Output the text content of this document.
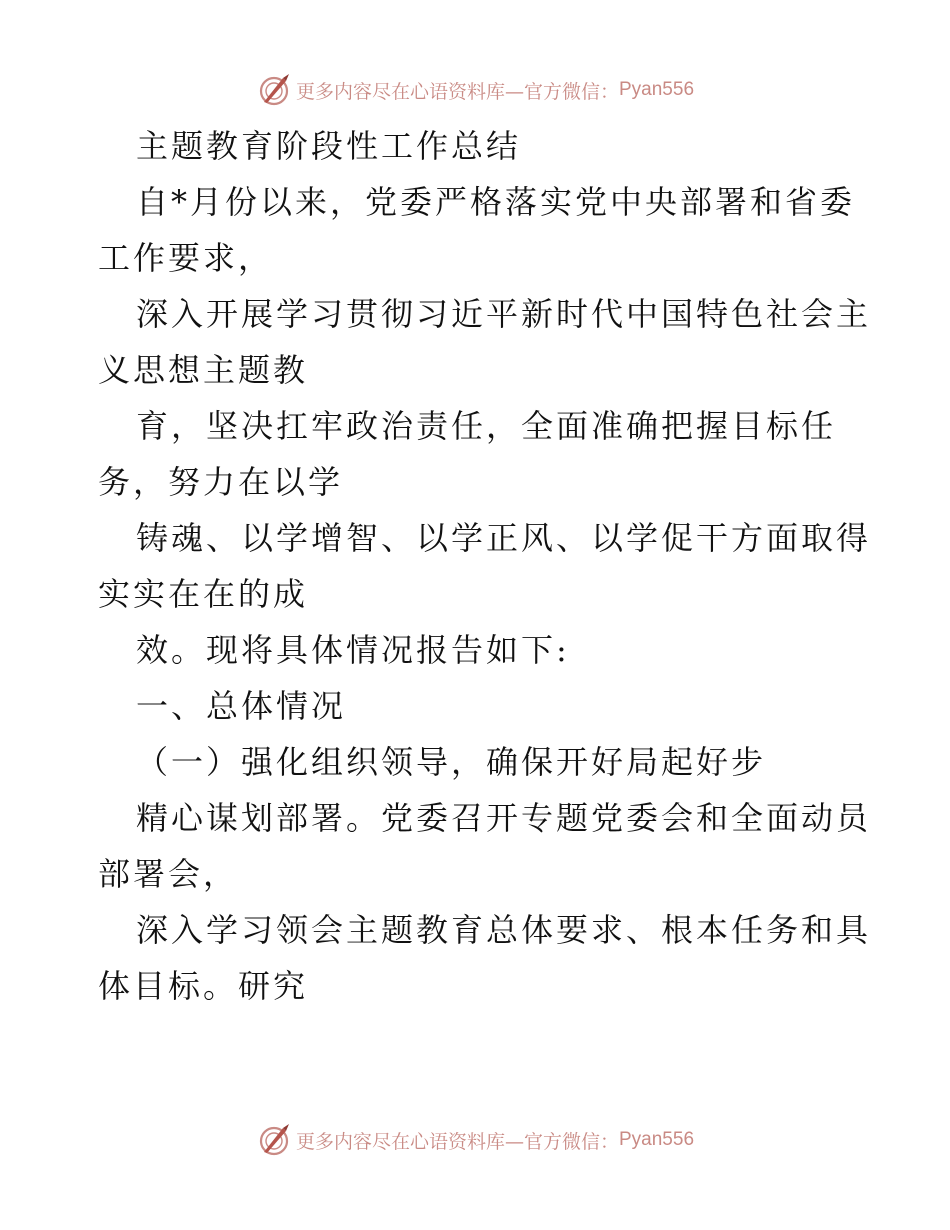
更多内容尽在心语资料库—官方微信： Pyan556
主题教育阶段性工作总结
自*月份以来，党委严格落实党中央部署和省委
工作要求，
深入开展学习贯彻习近平新时代中国特色社会主
义思想主题教
育，坚决扛牢政治责任，全面准确把握目标任
务，努力在以学
铸魂、以学增智、以学正风、以学促干方面取得
实实在在的成
效。现将具体情况报告如下:
一、总体情况
（一）强化组织领导，确保开好局起好步
精心谋划部署。党委召开专题党委会和全面动员
部署会，
深入学习领会主题教育总体要求、根本任务和具
体目标。研究
更多内容尽在心语资料库—官方微信： Pyan556
